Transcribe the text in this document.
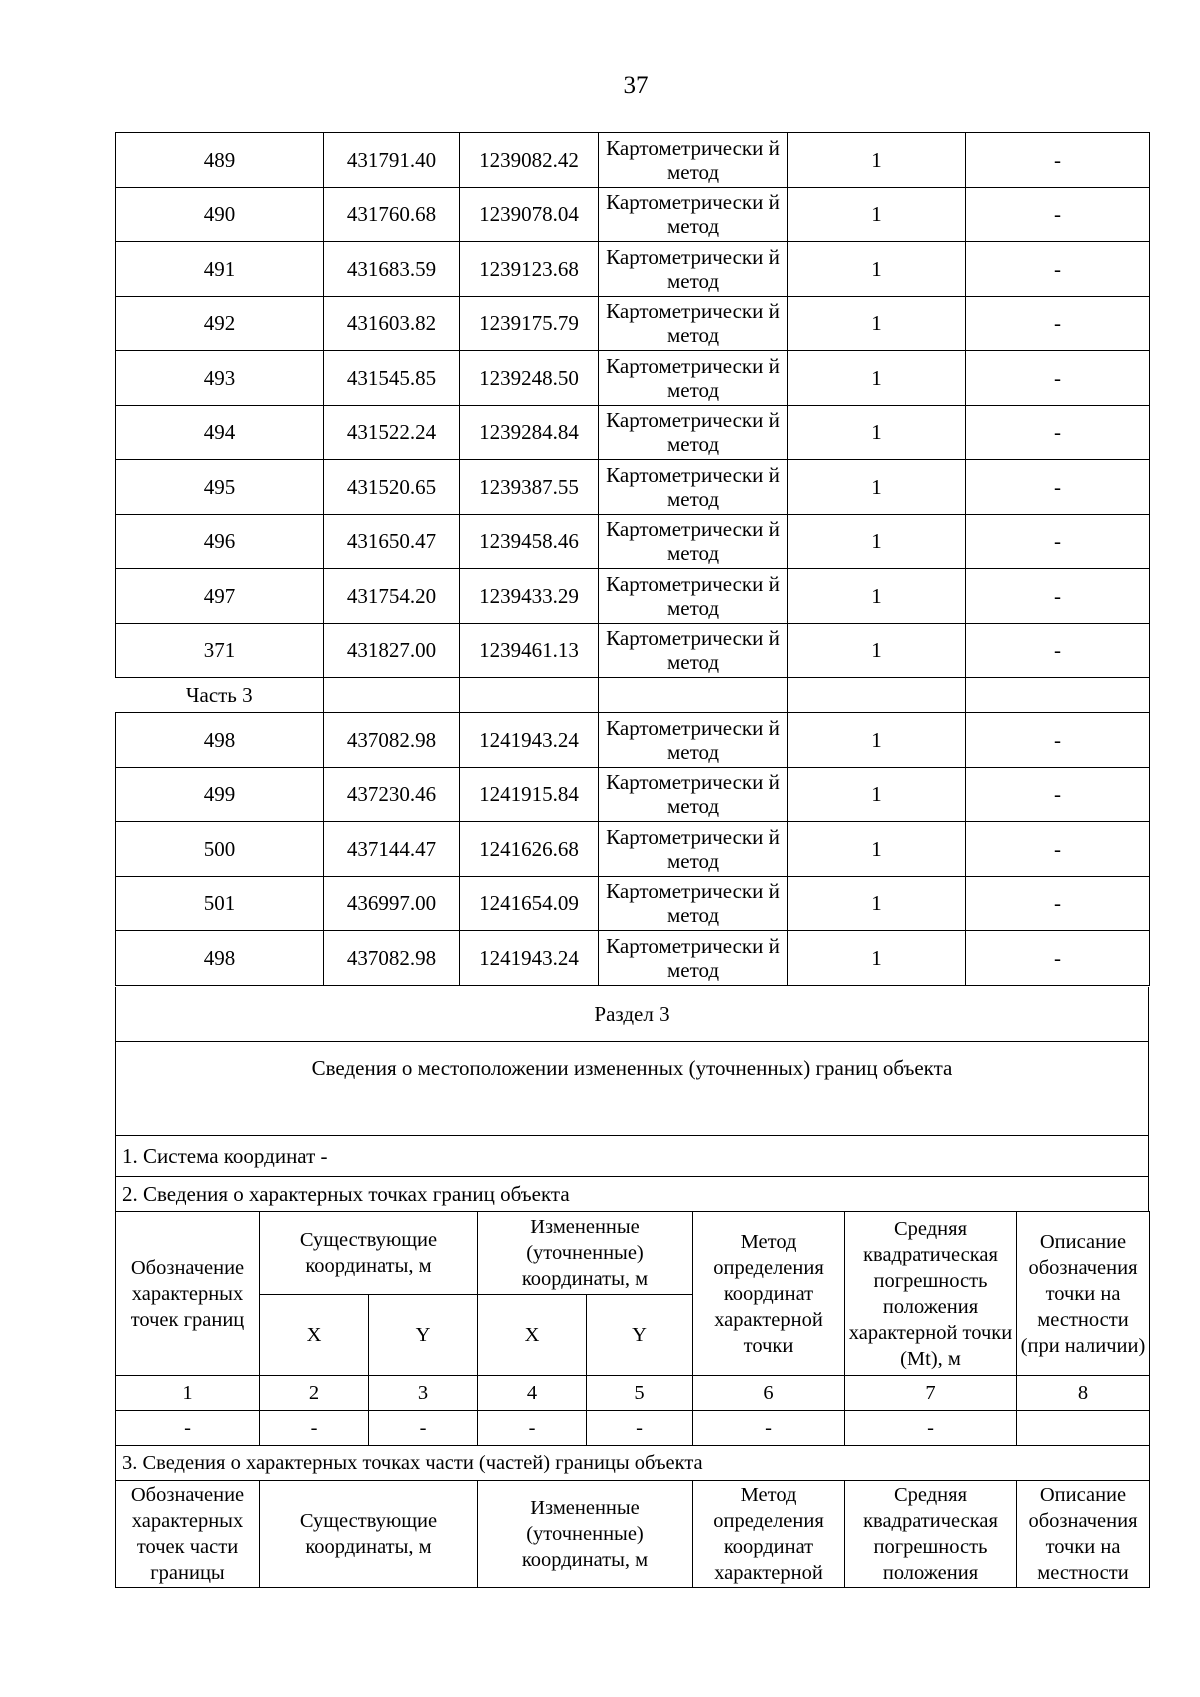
37
489	431791.40	1239082.42	Картометрически й метод	1	-
490	431760.68	1239078.04	Картометрически й метод	1	-
491	431683.59	1239123.68	Картометрически й метод	1	-
492	431603.82	1239175.79	Картометрически й метод	1	-
493	431545.85	1239248.50	Картометрически й метод	1	-
494	431522.24	1239284.84	Картометрически й метод	1	-
495	431520.65	1239387.55	Картометрически й метод	1	-
496	431650.47	1239458.46	Картометрически й метод	1	-
497	431754.20	1239433.29	Картометрически й метод	1	-
371	431827.00	1239461.13	Картометрически й метод	1	-
Часть 3					
498	437082.98	1241943.24	Картометрически й метод	1	-
499	437230.46	1241915.84	Картометрически й метод	1	-
500	437144.47	1241626.68	Картометрически й метод	1	-
501	436997.00	1241654.09	Картометрически й метод	1	-
498	437082.98	1241943.24	Картометрически й метод	1	-
Раздел 3
Сведения о местоположении измененных (уточненных) границ объекта
1. Система координат -
2. Сведения о характерных точках границ объекта
Обозначение характерных точек границ	Существующие координаты, м		Измененные (уточненные) координаты, м		Метод определения координат характерной точки	Средняя квадратическая погрешность положения характерной точки (Mt), м	Описание обозначения точки на местности (при наличии)
	X	Y	X	Y			
1	2	3	4	5	6	7	8
-	-	-	-	-	-	-	
3. Сведения о характерных точках части (частей) границы объекта							
Обозначение характерных точек части границы	Существующие координаты, м		Измененные (уточненные) координаты, м		Метод определения координат характерной	Средняя квадратическая погрешность положения	Описание обозначения точки на местности
